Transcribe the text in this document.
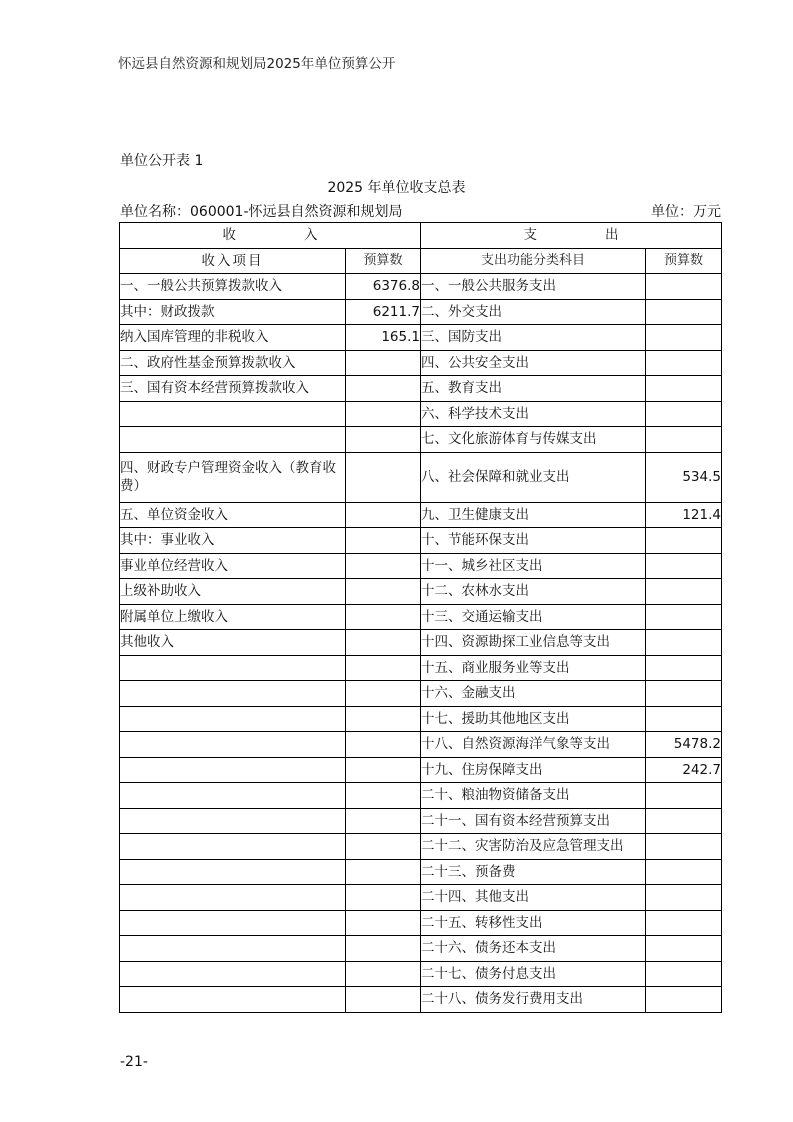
怀远县自然资源和规划局2025年单位预算公开
单位公开表 1
2025 年单位收支总表
单位名称：060001-怀远县自然资源和规划局	单位：万元
收 入		支 出	
收入项目	预算数	支出功能分类科目	预算数
一、一般公共预算拨款收入	6376.8	一、一般公共服务支出	
其中：财政拨款	6211.7	二、外交支出	
纳入国库管理的非税收入	165.1	三、国防支出	
二、政府性基金预算拨款收入		四、公共安全支出	
三、国有资本经营预算拨款收入		五、教育支出	
		六、科学技术支出	
		七、文化旅游体育与传媒支出	
四、财政专户管理资金收入（教育收费）		八、社会保障和就业支出	534.5
五、单位资金收入		九、卫生健康支出	121.4
其中：事业收入		十、节能环保支出	
事业单位经营收入		十一、城乡社区支出	
上级补助收入		十二、农林水支出	
附属单位上缴收入		十三、交通运输支出	
其他收入		十四、资源勘探工业信息等支出	
		十五、商业服务业等支出	
		十六、金融支出	
		十七、援助其他地区支出	
		十八、自然资源海洋气象等支出	5478.2
		十九、住房保障支出	242.7
		二十、粮油物资储备支出	
		二十一、国有资本经营预算支出	
		二十二、灾害防治及应急管理支出	
		二十三、预备费	
		二十四、其他支出	
		二十五、转移性支出	
		二十六、债务还本支出	
		二十七、债务付息支出	
		二十八、债务发行费用支出	
-21-
